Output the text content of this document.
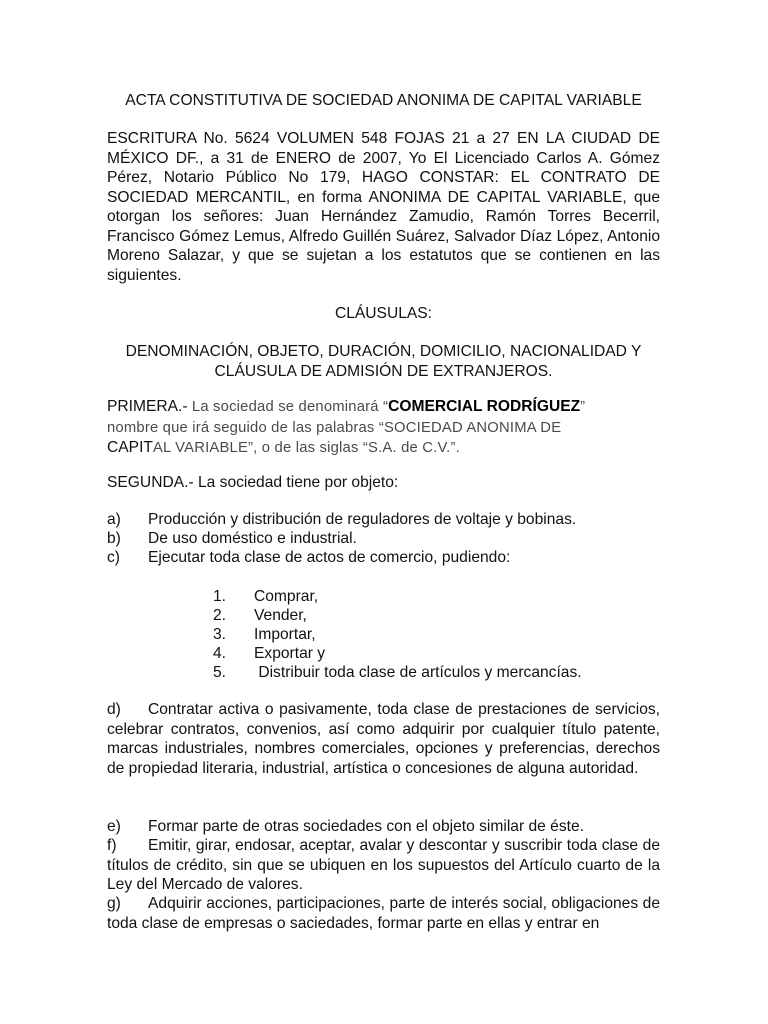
ACTA CONSTITUTIVA DE SOCIEDAD ANONIMA DE CAPITAL VARIABLE

ESCRITURA No. 5624 VOLUMEN 548 FOJAS 21 a 27 EN LA CIUDAD DE MÉXICO DF., a 31 de ENERO de 2007, Yo El Licenciado Carlos A. Gómez Pérez, Notario Público No 179, HAGO CONSTAR: EL CONTRATO DE SOCIEDAD MERCANTIL, en forma ANONIMA DE CAPITAL VARIABLE, que otorgan los señores: Juan Hernández Zamudio, Ramón Torres Becerril, Francisco Gómez Lemus, Alfredo Guillén Suárez, Salvador Díaz López, Antonio Moreno Salazar, y que se sujetan a los estatutos que se contienen en las siguientes.

CLÁUSULAS:

DENOMINACIÓN, OBJETO, DURACIÓN, DOMICILIO, NACIONALIDAD Y CLÁUSULA DE ADMISIÓN DE EXTRANJEROS.

PRIMERA.- La sociedad se denominará “COMERCIAL RODRÍGUEZ”
nombre que irá seguido de las palabras “SOCIEDAD ANONIMA DE
CAPITAL VARIABLE”, o de las siglas “S.A. de C.V.”.

SEGUNDA.- La sociedad tiene por objeto:

a) Producción y distribución de reguladores de voltaje y bobinas.
b) De uso doméstico e industrial.
c) Ejecutar toda clase de actos de comercio, pudiendo:
1. Comprar,
2. Vender,
3. Importar,
4. Exportar y
5. Distribuir toda clase de artículos y mercancías.
d) Contratar activa o pasivamente, toda clase de prestaciones de servicios, celebrar contratos, convenios, así como adquirir por cualquier título patente, marcas industriales, nombres comerciales, opciones y preferencias, derechos de propiedad literaria, industrial, artística o concesiones de alguna autoridad.
e) Formar parte de otras sociedades con el objeto similar de éste.
f) Emitir, girar, endosar, aceptar, avalar y descontar y suscribir toda clase de títulos de crédito, sin que se ubiquen en los supuestos del Artículo cuarto de la Ley del Mercado de valores.
g) Adquirir acciones, participaciones, parte de interés social, obligaciones de toda clase de empresas o saciedades, formar parte en ellas y entrar en
